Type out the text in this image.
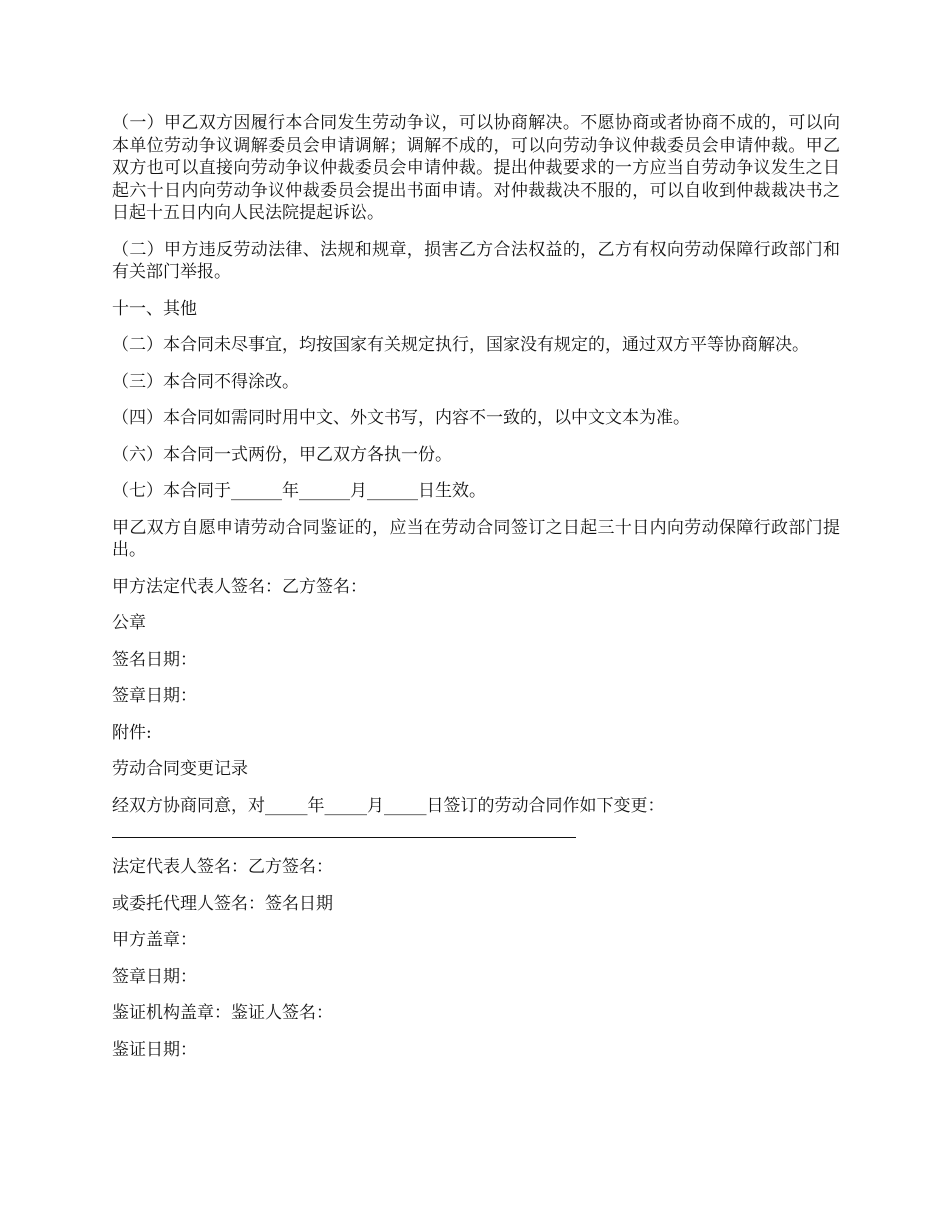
（一）甲乙双方因履行本合同发生劳动争议，可以协商解决。不愿协商或者协商不成的，可以向本单位劳动争议调解委员会申请调解；调解不成的，可以向劳动争议仲裁委员会申请仲裁。甲乙双方也可以直接向劳动争议仲裁委员会申请仲裁。提出仲裁要求的一方应当自劳动争议发生之日起六十日内向劳动争议仲裁委员会提出书面申请。对仲裁裁决不服的，可以自收到仲裁裁决书之日起十五日内向人民法院提起诉讼。

（二）甲方违反劳动法律、法规和规章，损害乙方合法权益的，乙方有权向劳动保障行政部门和有关部门举报。

十一、其他

（二）本合同未尽事宜，均按国家有关规定执行，国家没有规定的，通过双方平等协商解决。

（三）本合同不得涂改。

（四）本合同如需同时用中文、外文书写，内容不一致的，以中文文本为准。

（六）本合同一式两份，甲乙双方各执一份。

（七）本合同于______年______月______日生效。

甲乙双方自愿申请劳动合同鉴证的，应当在劳动合同签订之日起三十日内向劳动保障行政部门提出。

甲方法定代表人签名：乙方签名：

公章

签名日期：

签章日期：

附件:

劳动合同变更记录

经双方协商同意，对_____年_____月_____日签订的劳动合同作如下变更：

法定代表人签名：乙方签名：

或委托代理人签名：签名日期

甲方盖章：

签章日期：

鉴证机构盖章：鉴证人签名：

鉴证日期：
